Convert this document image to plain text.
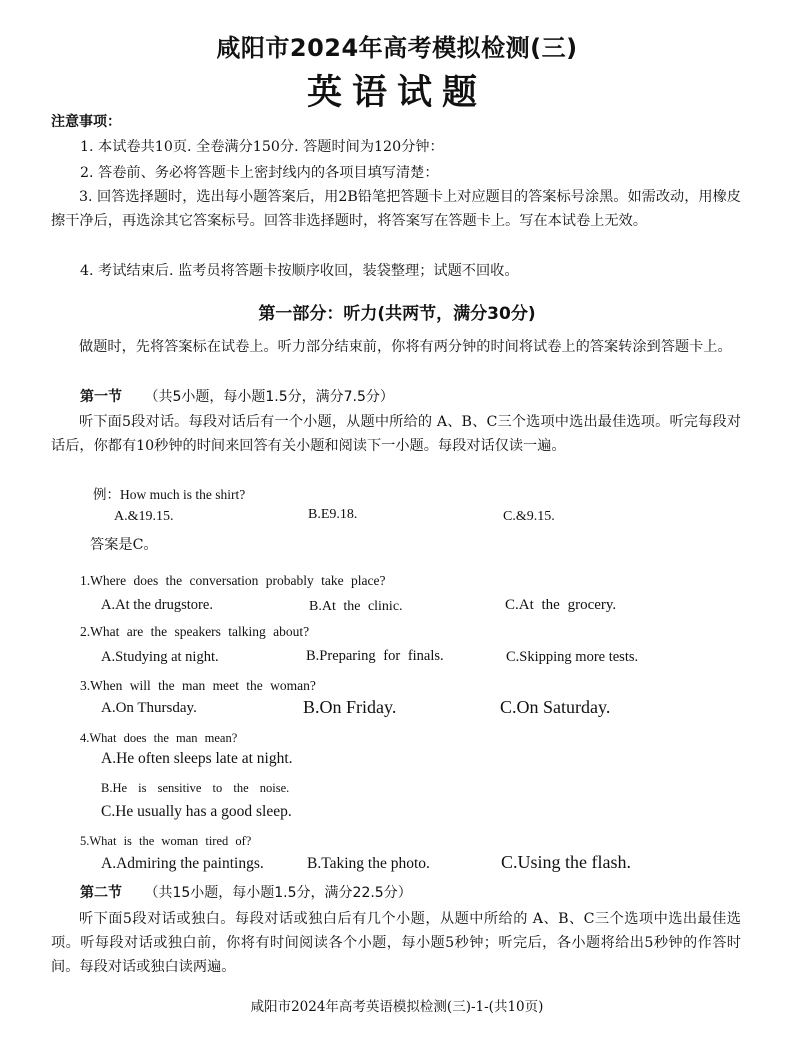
咸阳市2024年高考模拟检测(三)
英语试题
注意事项：
1. 本试卷共10页. 全卷满分150分. 答题时间为120分钟：
2. 答卷前、务必将答题卡上密封线内的各项目填写清楚：
3. 回答选择题时，选出每小题答案后，用2B铅笔把答题卡上对应题目的答案标号涂黑。如需改动，用橡皮擦干净后，再选涂其它答案标号。回答非选择题时，将答案写在答题卡上。写在本试卷上无效。
4. 考试结束后. 监考员将答题卡按顺序收回，装袋整理；试题不回收。
第一部分：听力(共两节，满分30分)
做题时，先将答案标在试卷上。听力部分结束前，你将有两分钟的时间将试卷上的答案转涂到答题卡上。
第一节 （共5小题，每小题1.5分，满分7.5分）
听下面5段对话。每段对话后有一个小题，从题中所给的 A、B、C三个选项中选出最佳选项。听完每段对话后，你都有10秒钟的时间来回答有关小题和阅读下一小题。每段对话仅读一遍。
例：How much is the shirt?
A.&19.15.	B.E9.18.	C.&9.15.
答案是C。
1.Where does the conversation probably take place?
A.At the drugstore.	B.At the clinic.	C.At the grocery.
2.What are the speakers talking about?
A.Studying at night.	B.Preparing for finals.	C.Skipping more tests.
3.When will the man meet the woman?
A.On Thursday.	B.On Friday.	C.On Saturday.
4.What does the man mean?
A.He often sleeps late at night.
B.He is sensitive to the noise.
C.He usually has a good sleep.
5.What is the woman tired of?
A.Admiring the paintings.	B.Taking the photo.	C.Using the flash.
第二节 （共15小题，每小题1.5分，满分22.5分）
听下面5段对话或独白。每段对话或独白后有几个小题，从题中所给的 A、B、C三个选项中选出最佳选项。听每段对话或独白前，你将有时间阅读各个小题，每小题5秒钟；听完后，各小题将给出5秒钟的作答时间。每段对话或独白读两遍。
咸阳市2024年高考英语模拟检测(三)-1-(共10页)
